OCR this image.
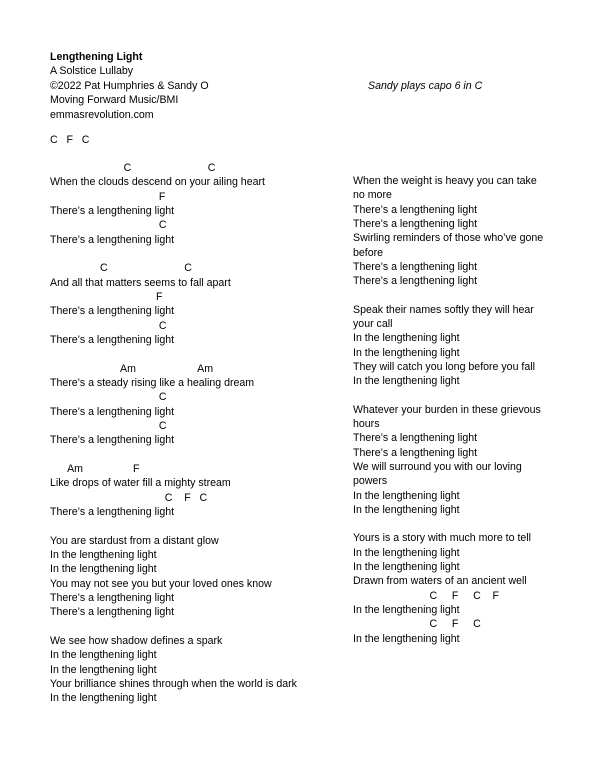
Lengthening Light
A Solstice Lullaby
©2022 Pat Humphries & Sandy O
Moving Forward Music/BMI
emmasrevolution.com
Sandy plays capo 6 in C
C   F   C
C                          C
When the clouds descend on your ailing heart
F
There’s a lengthening light
C
There’s a lengthening light
C                          C
And all that matters seems to fall apart
F
There’s a lengthening light
C
There’s a lengthening light
Am                     Am
There’s a steady rising like a healing dream
C
There’s a lengthening light
C
There’s a lengthening light
Am                 F
Like drops of water fill a mighty stream
C    F   C
There’s a lengthening light
You are stardust from a distant glow
In the lengthening light
In the lengthening light
You may not see you but your loved ones know
There’s a lengthening light
There’s a lengthening light
We see how shadow defines a spark
In the lengthening light
In the lengthening light
Your brilliance shines through when the world is dark
In the lengthening light
When the weight is heavy you can take
no more
There’s a lengthening light
There’s a lengthening light
Swirling reminders of those who’ve gone
before
There’s a lengthening light
There’s a lengthening light
Speak their names softly they will hear
your call
In the lengthening light
In the lengthening light
They will catch you long before you fall
In the lengthening light
Whatever your burden in these grievous
hours
There’s a lengthening light
There’s a lengthening light
We will surround you with our loving
powers
In the lengthening light
In the lengthening light
Yours is a story with much more to tell
In the lengthening light
In the lengthening light
Drawn from waters of an ancient well
C     F     C    F
In the lengthening light
C     F     C
In the lengthening light
